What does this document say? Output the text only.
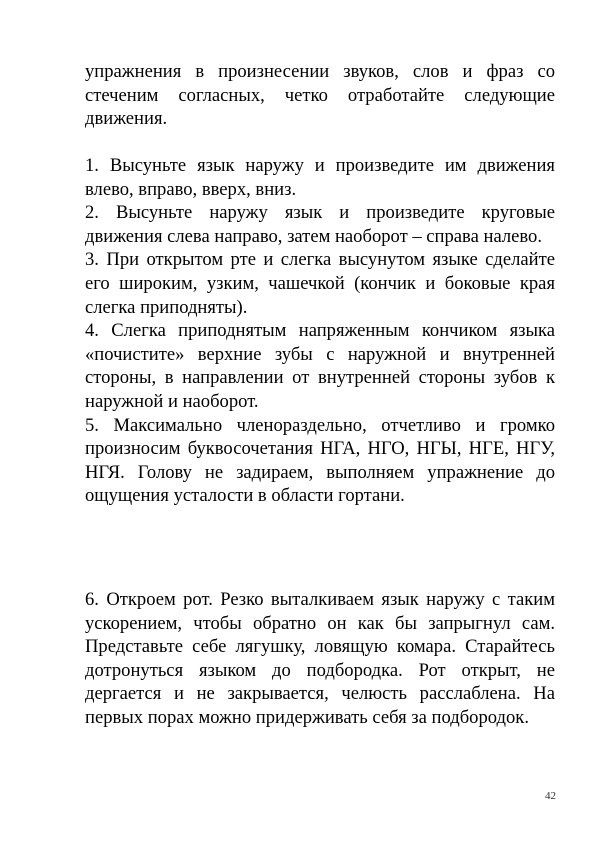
упражнения в произнесении звуков, слов и фраз со стеченим согласных, четко отработайте следующие движения.

1. Высуньте язык наружу и произведите им движения влево, вправо, вверх, вниз.

2. Высуньте наружу язык и произведите круговые движения слева направо, затем наоборот – справа налево.

3. При открытом рте и слегка высунутом языке сделайте его широким, узким, чашечкой (кончик и боковые края слегка приподняты).

4. Слегка приподнятым напряженным кончиком языка «почистите» верхние зубы с наружной и внутренней стороны, в направлении от внутренней стороны зубов к наружной и наоборот.

5. Максимально членораздельно, отчетливо и громко произносим буквосочетания НГА, НГО, НГЫ, НГЕ, НГУ, НГЯ. Голову не задираем, выполняем упражнение до ощущения усталости в области гортани.

6. Откроем рот. Резко выталкиваем язык наружу с таким ускорением, чтобы обратно он как бы запрыгнул сам. Представьте себе лягушку, ловящую комара. Старайтесь дотронуться языком до подбородка. Рот открыт, не дергается и не закрывается, челюсть расслаблена. На первых порах можно придерживать себя за подбородок.

42
